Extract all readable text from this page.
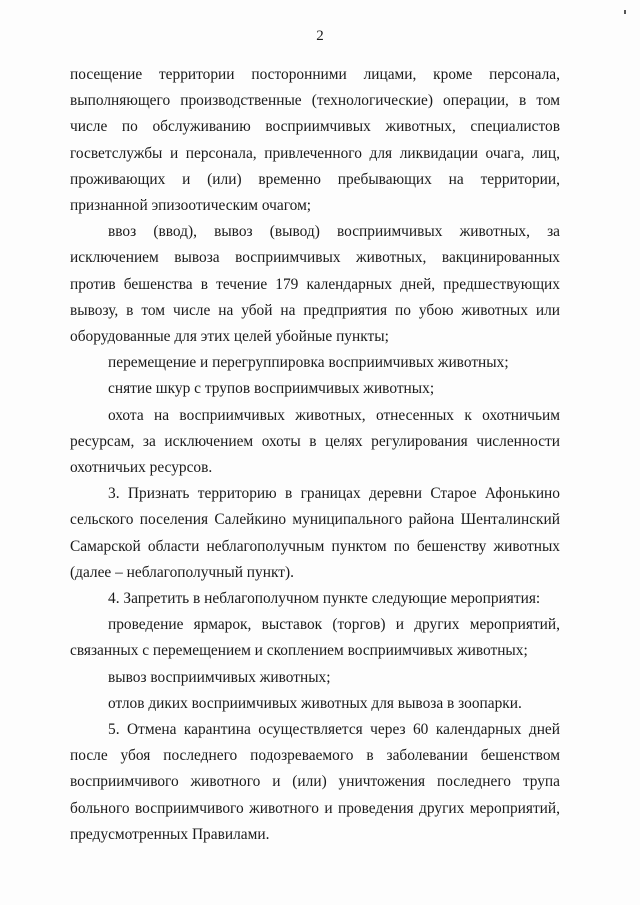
2

посещение территории посторонними лицами, кроме персонала, выполняющего производственные (технологические) операции, в том числе по обслуживанию восприимчивых животных, специалистов госветслужбы и персонала, привлеченного для ликвидации очага, лиц, проживающих и (или) временно пребывающих на территории, признанной эпизоотическим очагом;

ввоз (ввод), вывоз (вывод) восприимчивых животных, за исключением вывоза восприимчивых животных, вакцинированных против бешенства в течение 179 календарных дней, предшествующих вывозу, в том числе на убой на предприятия по убою животных или оборудованные для этих целей убойные пункты;

перемещение и перегруппировка восприимчивых животных;

снятие шкур с трупов восприимчивых животных;

охота на восприимчивых животных, отнесенных к охотничьим ресурсам, за исключением охоты в целях регулирования численности охотничьих ресурсов.

3. Признать территорию в границах деревни Старое Афонькино сельского поселения Салейкино муниципального района Шенталинский Самарской области неблагополучным пунктом по бешенству животных (далее – неблагополучный пункт).

4. Запретить в неблагополучном пункте следующие мероприятия:

проведение ярмарок, выставок (торгов) и других мероприятий, связанных с перемещением и скоплением восприимчивых животных;

вывоз восприимчивых животных;

отлов диких восприимчивых животных для вывоза в зоопарки.

5. Отмена карантина осуществляется через 60 календарных дней после убоя последнего подозреваемого в заболевании бешенством восприимчивого животного и (или) уничтожения последнего трупа больного восприимчивого животного и проведения других мероприятий, предусмотренных Правилами.
